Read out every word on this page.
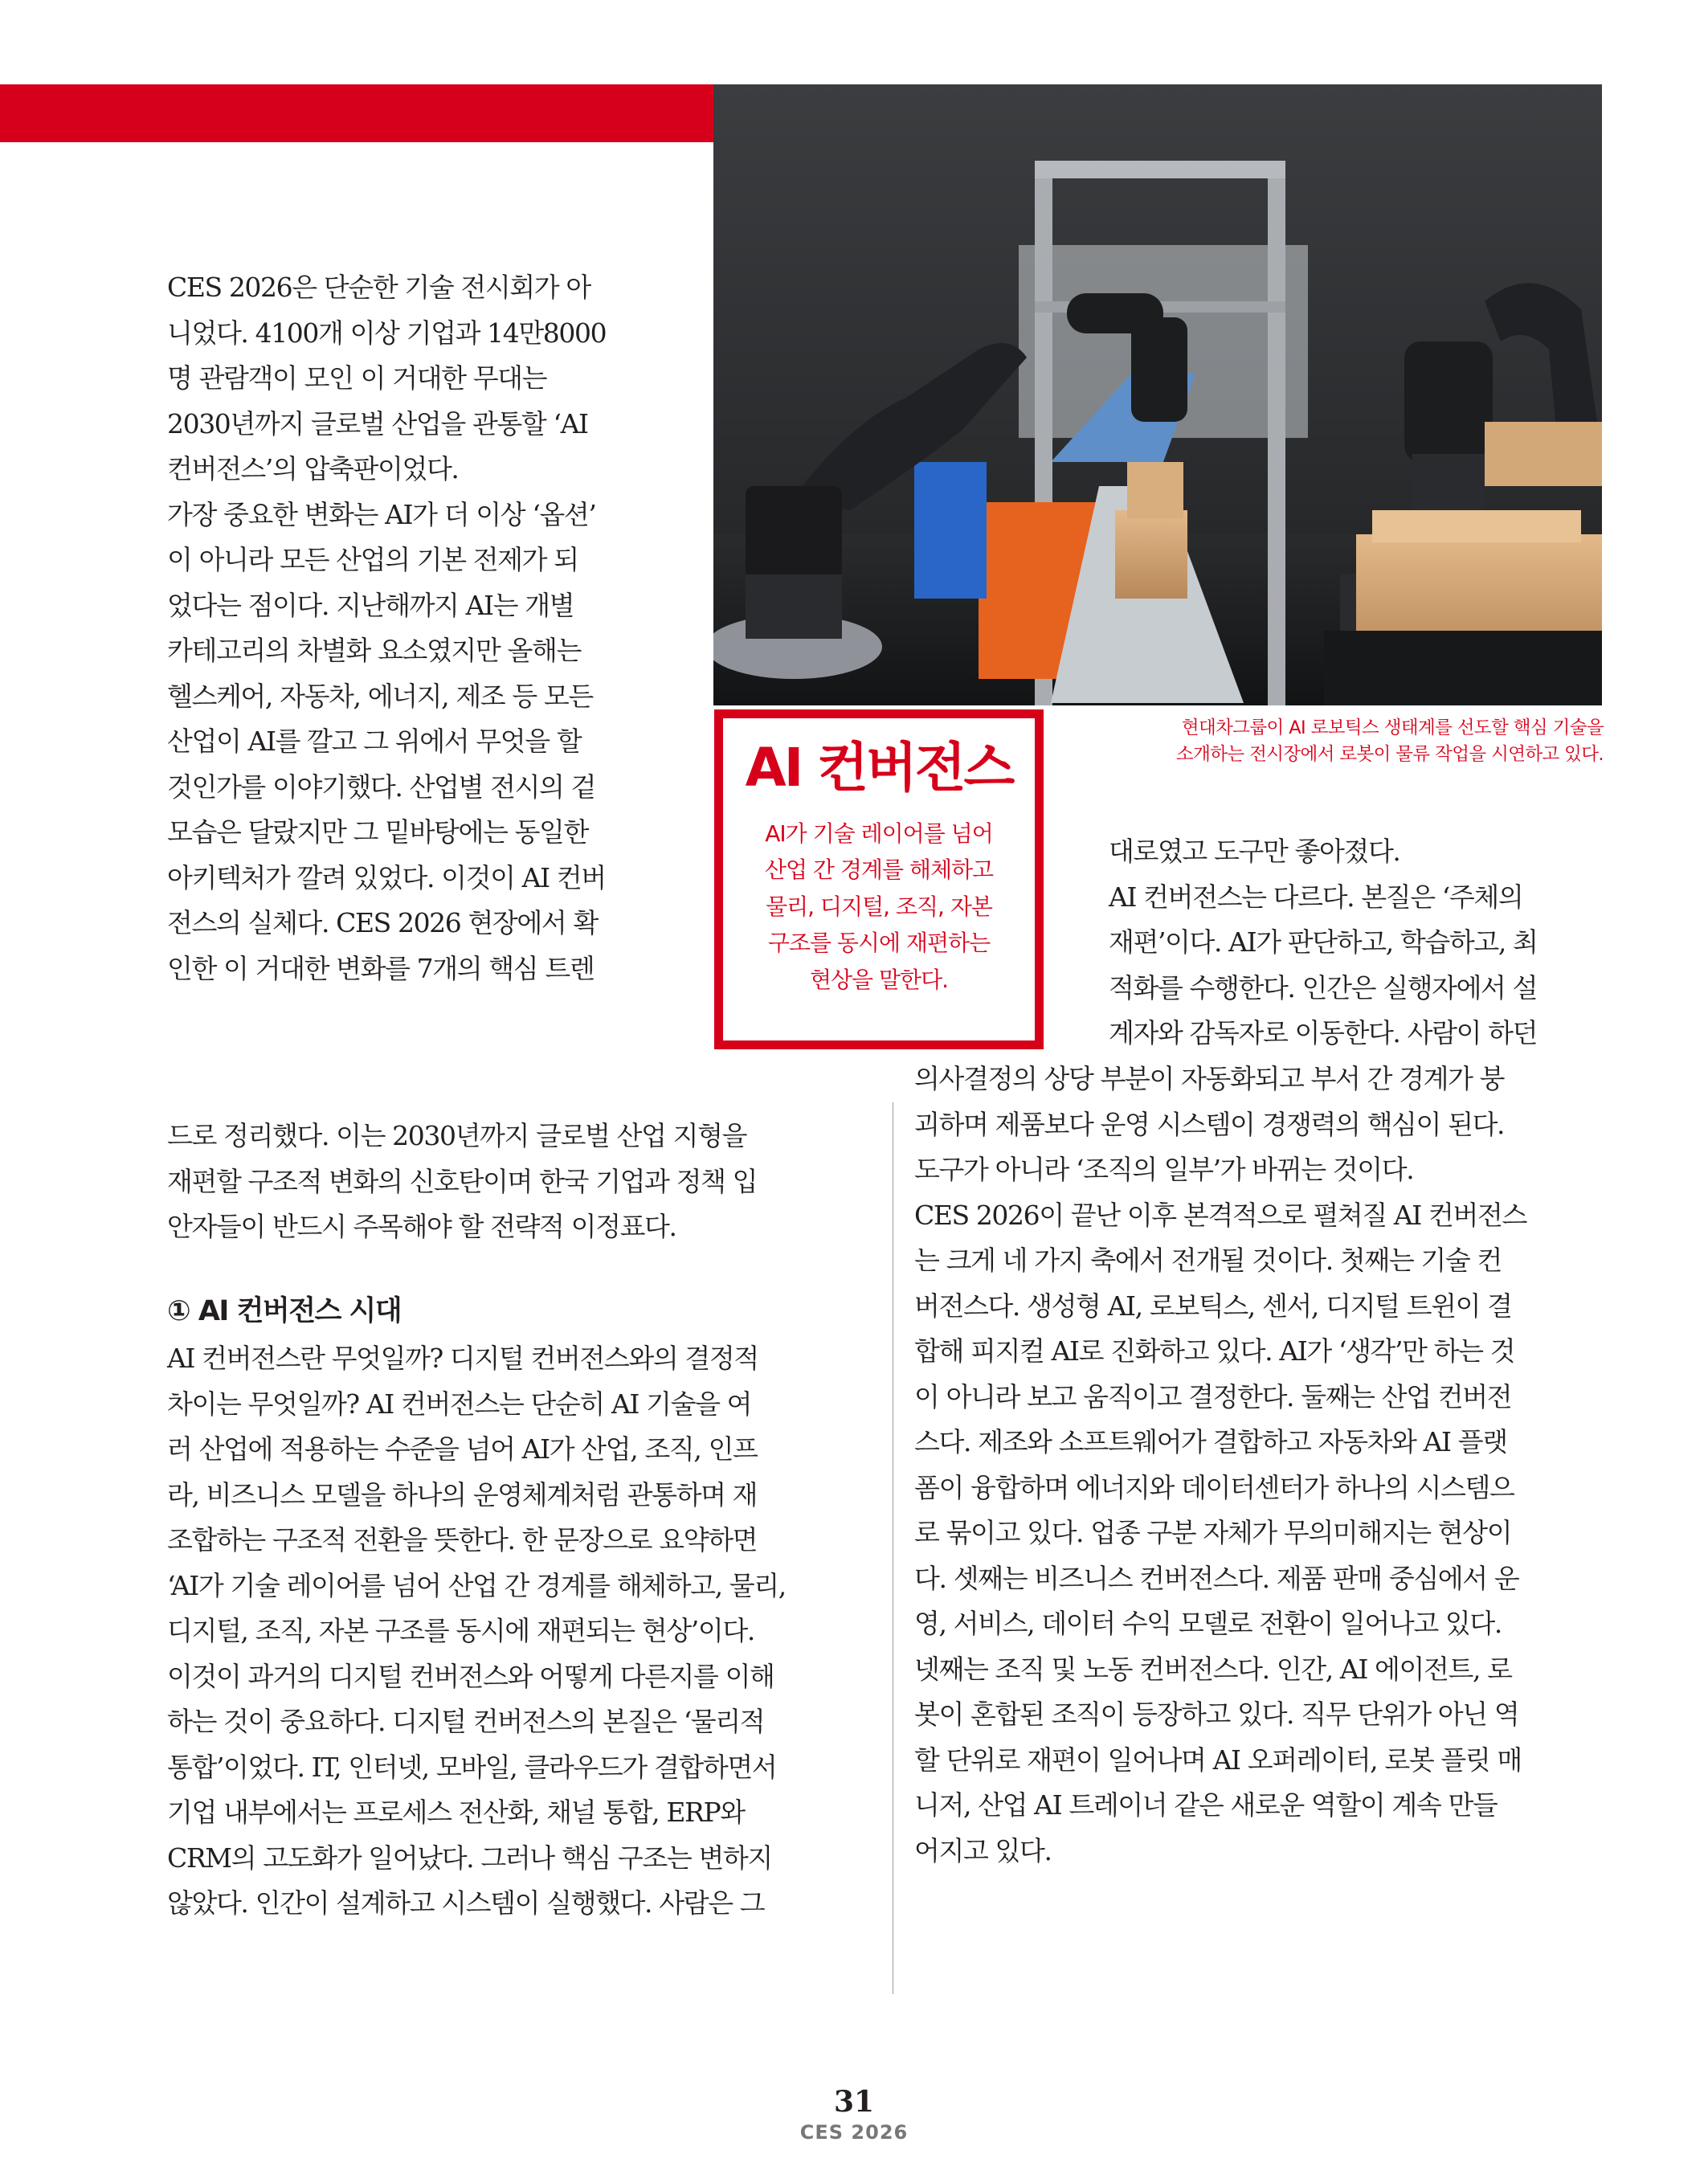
현대차그룹이 AI 로보틱스 생태계를 선도할 핵심 기술을
소개하는 전시장에서 로봇이 물류 작업을 시연하고 있다.
AI 컨버전스
AI가 기술 레이어를 넘어
산업 간 경계를 해체하고
물리, 디지털, 조직, 자본
구조를 동시에 재편하는
현상을 말한다.
CES 2026은 단순한 기술 전시회가 아
니었다. 4100개 이상 기업과 14만8000
명 관람객이 모인 이 거대한 무대는
2030년까지 글로벌 산업을 관통할 ‘AI
컨버전스’의 압축판이었다.
가장 중요한 변화는 AI가 더 이상 ‘옵션’
이 아니라 모든 산업의 기본 전제가 되
었다는 점이다. 지난해까지 AI는 개별
카테고리의 차별화 요소였지만 올해는
헬스케어, 자동차, 에너지, 제조 등 모든
산업이 AI를 깔고 그 위에서 무엇을 할
것인가를 이야기했다. 산업별 전시의 겉
모습은 달랐지만 그 밑바탕에는 동일한
아키텍처가 깔려 있었다. 이것이 AI 컨버
전스의 실체다. CES 2026 현장에서 확
인한 이 거대한 변화를 7개의 핵심 트렌
드로 정리했다. 이는 2030년까지 글로벌 산업 지형을
재편할 구조적 변화의 신호탄이며 한국 기업과 정책 입
안자들이 반드시 주목해야 할 전략적 이정표다.
① AI 컨버전스 시대
AI 컨버전스란 무엇일까? 디지털 컨버전스와의 결정적
차이는 무엇일까? AI 컨버전스는 단순히 AI 기술을 여
러 산업에 적용하는 수준을 넘어 AI가 산업, 조직, 인프
라, 비즈니스 모델을 하나의 운영체계처럼 관통하며 재
조합하는 구조적 전환을 뜻한다. 한 문장으로 요약하면
‘AI가 기술 레이어를 넘어 산업 간 경계를 해체하고, 물리,
디지털, 조직, 자본 구조를 동시에 재편되는 현상’이다.
이것이 과거의 디지털 컨버전스와 어떻게 다른지를 이해
하는 것이 중요하다. 디지털 컨버전스의 본질은 ‘물리적
통합’이었다. IT, 인터넷, 모바일, 클라우드가 결합하면서
기업 내부에서는 프로세스 전산화, 채널 통합, ERP와
CRM의 고도화가 일어났다. 그러나 핵심 구조는 변하지
않았다. 인간이 설계하고 시스템이 실행했다. 사람은 그
대로였고 도구만 좋아졌다.
AI 컨버전스는 다르다. 본질은 ‘주체의
재편’이다. AI가 판단하고, 학습하고, 최
적화를 수행한다. 인간은 실행자에서 설
계자와 감독자로 이동한다. 사람이 하던
의사결정의 상당 부분이 자동화되고 부서 간 경계가 붕
괴하며 제품보다 운영 시스템이 경쟁력의 핵심이 된다.
도구가 아니라 ‘조직의 일부’가 바뀌는 것이다.
CES 2026이 끝난 이후 본격적으로 펼쳐질 AI 컨버전스
는 크게 네 가지 축에서 전개될 것이다. 첫째는 기술 컨
버전스다. 생성형 AI, 로보틱스, 센서, 디지털 트윈이 결
합해 피지컬 AI로 진화하고 있다. AI가 ‘생각’만 하는 것
이 아니라 보고 움직이고 결정한다. 둘째는 산업 컨버전
스다. 제조와 소프트웨어가 결합하고 자동차와 AI 플랫
폼이 융합하며 에너지와 데이터센터가 하나의 시스템으
로 묶이고 있다. 업종 구분 자체가 무의미해지는 현상이
다. 셋째는 비즈니스 컨버전스다. 제품 판매 중심에서 운
영, 서비스, 데이터 수익 모델로 전환이 일어나고 있다.
넷째는 조직 및 노동 컨버전스다. 인간, AI 에이전트, 로
봇이 혼합된 조직이 등장하고 있다. 직무 단위가 아닌 역
할 단위로 재편이 일어나며 AI 오퍼레이터, 로봇 플릿 매
니저, 산업 AI 트레이너 같은 새로운 역할이 계속 만들
어지고 있다.
31
CES 2026
